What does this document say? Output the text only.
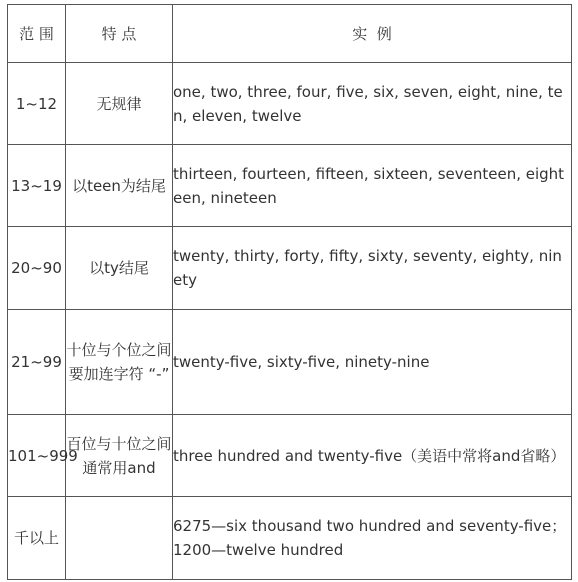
范 围	特 点	实  例
1~12	无规律	one, two, three, four, five, six, seven, eight, nine, ten, eleven, twelve
13~19	以teen为结尾	thirteen, fourteen, fifteen, sixteen, seventeen, eighteen, nineteen
20~90	以ty结尾	twenty, thirty, forty, fifty, sixty, seventy, eighty, ninety
21~99	十位与个位之间要加连字符 “-”	twenty-five, sixty-five, ninety-nine
101~999	百位与十位之间通常用and	three hundred and twenty-five（美语中常将and省略）
千以上		6275—six thousand two hundred and seventy-five；1200—twelve hundred
